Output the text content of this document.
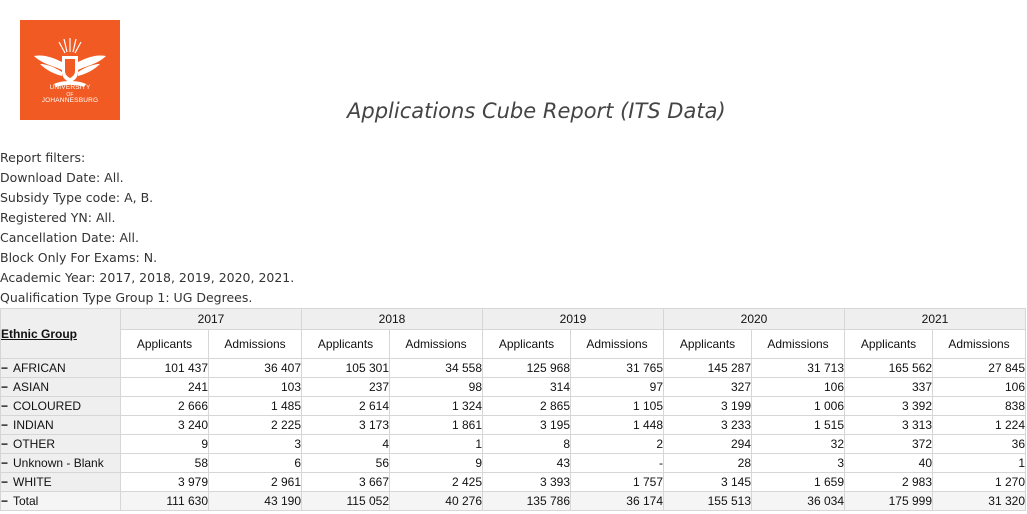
UNIVERSITY
OF
JOHANNESBURG	Applications Cube Report (ITS Data)
Report filters:
Download Date: All.
Subsidy Type code: A, B.
Registered YN: All.
Cancellation Date: All.
Block Only For Exams: N.
Academic Year: 2017, 2018, 2019, 2020, 2021.
Qualification Type Group 1: UG Degrees.
Ethnic Group	2017		2018		2019		2020		2021	
	Applicants	Admissions	Applicants	Admissions	Applicants	Admissions	Applicants	Admissions	Applicants	Admissions
− AFRICAN	101 437	36 407	105 301	34 558	125 968	31 765	145 287	31 713	165 562	27 845
− ASIAN	241	103	237	98	314	97	327	106	337	106
− COLOURED	2 666	1 485	2 614	1 324	2 865	1 105	3 199	1 006	3 392	838
− INDIAN	3 240	2 225	3 173	1 861	3 195	1 448	3 233	1 515	3 313	1 224
− OTHER	9	3	4	1	8	2	294	32	372	36
− Unknown - Blank	58	6	56	9	43	-	28	3	40	1
− WHITE	3 979	2 961	3 667	2 425	3 393	1 757	3 145	1 659	2 983	1 270
− Total	111 630	43 190	115 052	40 276	135 786	36 174	155 513	36 034	175 999	31 320
